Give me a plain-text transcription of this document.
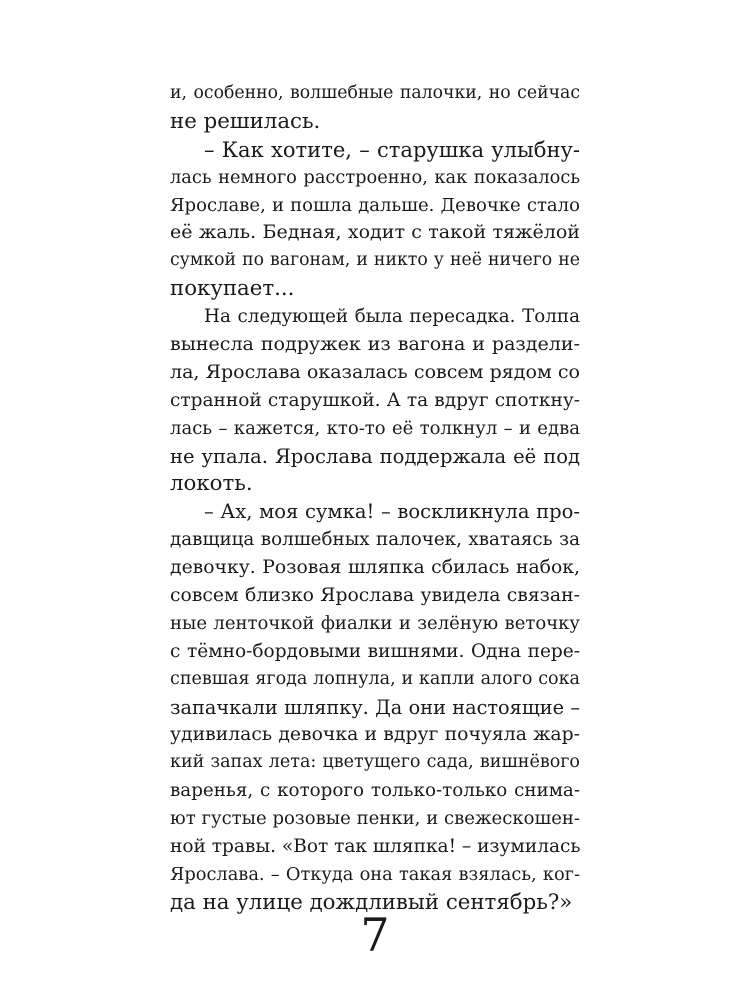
и, особенно, волшебные палочки, но сейчас
не решилась.
– Как хотите, – старушка улыбну-
лась немного расстроенно, как показалось
Ярославе, и пошла дальше. Девочке стало
её жаль. Бедная, ходит с такой тяжёлой
сумкой по вагонам, и никто у неё ничего не
покупает...
На следующей была пересадка. Толпа
вынесла подружек из вагона и раздели-
ла, Ярослава оказалась совсем рядом со
странной старушкой. А та вдруг споткну-
лась – кажется, кто-то её толкнул – и едва
не упала. Ярослава поддержала её под
локоть.
– Ах, моя сумка! – воскликнула про-
давщица волшебных палочек, хватаясь за
девочку. Розовая шляпка сбилась набок,
совсем близко Ярослава увидела связан-
ные ленточкой фиалки и зелёную веточку
с тёмно-бордовыми вишнями. Одна пере-
спевшая ягода лопнула, и капли алого сока
запачкали шляпку. Да они настоящие –
удивилась девочка и вдруг почуяла жар-
кий запах лета: цветущего сада, вишнёвого
варенья, с которого только-только снима-
ют густые розовые пенки, и свежескошен-
ной травы. «Вот так шляпка! – изумилась
Ярослава. – Откуда она такая взялась, ког-
да на улице дождливый сентябрь?»
7
